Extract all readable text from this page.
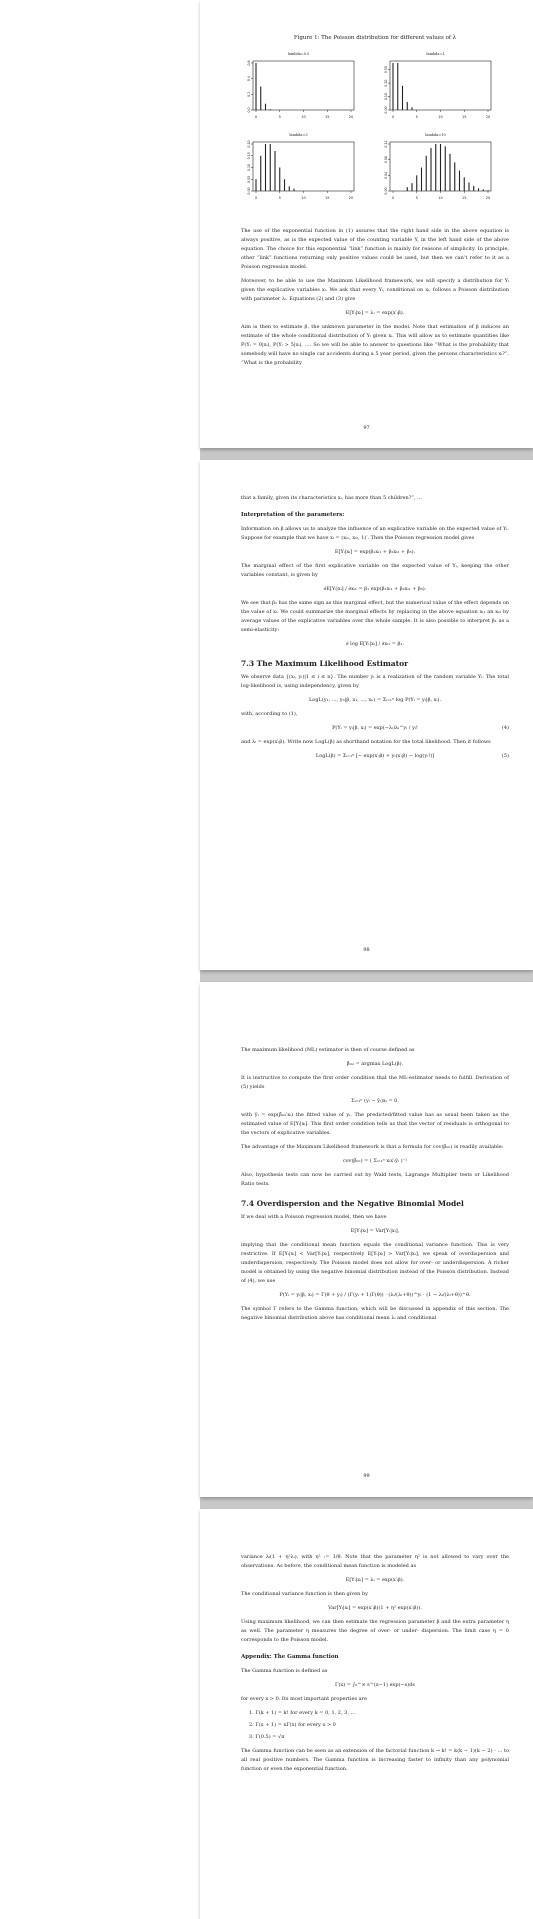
Figure 1: The Poisson distribution for different values of λ

lambda=0.5
0	5	10	15	20
0.0
0.2
0.4
0.6
lambda=1
0	5	10	15	20
0.00
0.10
0.20
0.30
lambda=3
0	5	10	15	20
0.00
0.05
0.10
0.15
0.20
lambda=10
0	5	10	15	20
0.00
0.04
0.08
0.12

The use of the exponential function in (1) assures that the right hand side in the above equation is always positive, as is the expected value of the counting variable Y, in the left hand side of the above equation. The choice for this exponential “link” function is mainly for reasons of simplicity. In principle, other “link” functions returning only positive values could be used, but then we can’t refer to it as a Poisson regression model.

Moreover, to be able to use the Maximum Likelihood framework, we will specify a distribution for Yᵢ given the explicative variables xᵢ. We ask that every Yᵢ, conditional on xᵢ, follows a Poisson distribution with parameter λᵢ. Equations (2) and (3) give

E[Yᵢ|xᵢ] = λᵢ = exp(x′ᵢβ).

Aim is then to estimate β, the unknown parameter in the model. Note that estimation of β induces an estimate of the whole conditional distribution of Yᵢ given xᵢ. This will allow us to estimate quantities like P(Yᵢ = 0|xᵢ), P(Yᵢ > 5|xᵢ), .... So we will be able to answer to questions like “What is the probability that somebody will have no single car accidents during a 5 year period, given the persons characteristics xᵢ?”. “What is the probability

97

that a family, given its characteristics xᵢ, has more than 5 children?”, ...

Interpretation of the parameters:

Information on β allows us to analyze the influence of an explicative variable on the expected value of Yᵢ. Suppose for example that we have xᵢ = (xᵢ₁, xᵢ₂, 1)′. Then the Poisson regression model gives

E[Yᵢ|xᵢ] = exp(β₁xᵢ₁ + β₂xᵢ₂ + β₃).

The marginal effect of the first explicative variable on the expected value of Yᵢ, keeping the other variables constant, is given by

∂E[Yᵢ|xᵢ] / ∂xᵢ₁ = β₁ exp(β₁xᵢ₁ + β₂xᵢ₂ + β₃).

We see that β₁ has the same sign as this marginal effect, but the numerical value of the effect depends on the value of xᵢ. We could summarize the marginal effects by replacing in the above equation xᵢ₁ an xᵢ₂ by average values of the explicative variables over the whole sample. It is also possible to interpret β₁ as a semi-elasticity:

∂ log E[Yᵢ|xᵢ] / ∂xᵢ₁ = β₁.
7.3 The Maximum Likelihood Estimator

We observe data {(xᵢ, yᵢ)|1 ≤ i ≤ n}. The number yᵢ is a realization of the random variable Yᵢ. The total log-likelihood is, using independency, given by

LogL(y₁, ..., yₙ|β, x₁, ..., xₙ) = Σᵢ₌₁ⁿ log P(Yᵢ = yᵢ|β, xᵢ).

with, according to (1),

P(Yᵢ = yᵢ|β, xᵢ) = exp(−λᵢ)λᵢ^yᵢ / yᵢ!	(4)

and λᵢ = exp(x′ᵢβ). Write now LogL(β) as shorthand notation for the total likelihood. Then it follows

LogL(β) = Σᵢ₌₁ⁿ [− exp(x′ᵢβ) + yᵢ(x′ᵢβ) − log(yᵢ!)]	(5)
98

The maximum likelihood (ML) estimator is then of course defined as

β̂ₘₗ = argmax LogL(β).

It is instructive to compute the first order condition that the ML-estimator needs to fulfill. Derivation of (5) yields

Σᵢ₌₁ⁿ (yᵢ − ŷᵢ)xᵢ = 0.

with ŷᵢ = exp(β̂ₘₗ′xᵢ) the fitted value of yᵢ. The predicted/fitted value has as usual been taken as the estimated value of E[Yᵢ|xᵢ]. This first order condition tells us that the vector of residuals is orthogonal to the vectors of explicative variables.

The advantage of the Maximum Likelihood framework is that a formula for cov(β̂ₘₗ) is readily available:

cov(β̂ₘₗ) = ( Σᵢ₌₁ⁿ xᵢx′ᵢŷᵢ )⁻¹

Also, hypothesis tests can now be carried out by Wald tests, Lagrange Multiplier tests or Likelihood Ratio tests.

7.4 Overdispersion and the Negative Binomial Model

If we deal with a Poisson regression model, then we have

E[Yᵢ|xᵢ] = Var[Yᵢ|xᵢ],

implying that the conditional mean function equals the conditional variance function. This is very restrictive. If E[Yᵢ|xᵢ] < Var[Yᵢ|xᵢ], respectively E[Yᵢ|xᵢ] > Var[Yᵢ|xᵢ], we speak of overdispersion and underdispersion, respectively. The Poisson model does not allow for over- or underdispersion. A richer model is obtained by using the negative binomial distribution instead of the Poisson distribution. Instead of (4), we use

P(Yᵢ = yᵢ|β, xᵢ) = Γ(θ + yᵢ) / (Γ(yᵢ + 1)Γ(θ)) · (λᵢ/(λᵢ+θ))^yᵢ · (1 − λᵢ/(λᵢ+θ))^θ.

The symbol Γ refers to the Gamma function, which will be discussed in appendix of this section. The negative binomial distribution above has conditional mean λᵢ and conditional

99

variance λᵢ(1 + η²λᵢ), with η² := 1/θ. Note that the parameter η² is not allowed to vary over the observations. As before, the conditional mean function is modeled as

E[Yᵢ|xᵢ] = λᵢ = exp(x′ᵢβ).

The conditional variance function is then given by

Var[Yᵢ|xᵢ] = exp(x′ᵢβ)(1 + η² exp(x′ᵢβ)).

Using maximum likelihood, we can then estimate the regression parameter β and the extra parameter η as well. The parameter η measures the degree of over- or under- dispersion. The limit case η = 0 corresponds to the Poisson model.

Appendix: The Gamma function

The Gamma function is defined as

Γ(x) = ∫₀^∞ s^(x−1) exp(−s)ds

for every x > 0. Its most important properties are

1. Γ(k + 1) = k! for every k = 0, 1, 2, 3, ...
2. Γ(x + 1) = xΓ(x) for every x > 0
3. Γ(0.5) = √π

The Gamma function can be seen as an extension of the factorial function k → k! = k(k − 1)(k − 2) · ... to all real positive numbers. The Gamma function is increasing faster to infinity than any polynomial function or even the exponential function.
